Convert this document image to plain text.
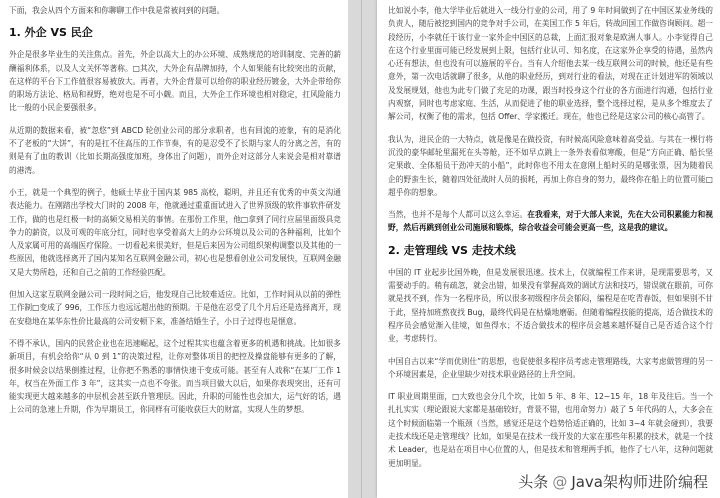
下面，我会从四个方面来和你聊聊工作中我是常被问到的问题。

1. 外企 VS 民企

外企是很多毕业生的关注焦点。首先，外企以高大上的办公环境、成熟规范的培训制度、完善的薪酬福利体系，以及人文关怀等著称。□其次，大外企有品牌加持，个人如果能有比较突出的贡献，在这样的平台下工作值很容易被放大。再者，大外企背景可以给你的职业经历镀金，大外企带给你的职场方法论、格局和视野，绝对也是不可小觑。而且，大外企工作环境也相对稳定，扛风险能力比一般的小民企要强很多。

从近期的数据来看，被“忽悠”到 ABCD 轮创业公司的部分求职者，也有回流的迹象，有的是消化不了老板的“大饼”，有的是扛不住高压的工作节奏，有的是忍受不了长期与家人的分离之苦，有的则是有了血的教训（比如长期高强度加班，身体出了问题），而外企对这部分人来说会是相对靠谱的港湾。

小王，就是一个典型的例子，他硕士毕业于国内某 985 高校，聪明，并且还有优秀的中英文沟通表达能力。在刚踏出学校大门时的 2008 年，他就通过重重面试进入了世界顶级的软件事软件研发工作，做的也是红极一时的高频交易相关的事情。在那份工作里，他□拿到了同行应届里面级具竞争力的薪资，以及可观的年底分红，同时也享受着高大上的办公环境以及公司的各种福利，比如个人及家属可用的高端医疗保险。一切看起来很美好，但是后来因为公司组织架构调整以及其他的一些原因，他就选择离开了国内某知名互联网金融公司，初心也是想看创业公司发展快，互联网金融又是大势所趋，还和自己之前的工作经验匹配。

但加入这家互联网金融公司一段时间之后，他发现自己比较难适应。比如，工作时间从以前的弹性工作制□变成了 996，工作压力也远远超出他的预期。于是他在忍受了几个月后还是选择离开，现在安稳地在某华东性价比最高的公司安顿下来，准备结婚生子，小日子过得也是惬意。

不得不承认，国内的民营企业也在迅速崛起，这个过程其实也蕴含着更多的机遇和挑战。比如很多新项目，有机会给你“从 0 到 1”的决策过程，让你对整体项目的把控及操盘能够有更多的了解，很多时候会以结果倒推过程，让你把不熟悉的事情快速干变成可能。甚至有人戏称“在某厂工作 1 年，权当在外面工作 3 年”，这其实一点也不夸张。而当项目做大以后，如果你表现突出，还有可能实现更大越来越多的中层机会甚至跃升管理层。因此，升职的可能性也会加大，运气好的话，遇上公司的急速上升期，作为早期员工，你同样有可能收获巨大的财富，实现人生的梦想。

比如说小李，他大学毕业后就进入一线分行业的公司，用了 9 年时间做到了在中国区某业务线的负责人，随后被挖到国内的竞争对手公司，在美国工作 5 年后，转战回国工作做咨询顾问。超一段经历，小李就任于该行业一家外企中国区的总裁，上面汇报对象是欧洲人事人。小李觉得自己在这个行业里面可能已经发展到上限，包括行业认可、知名度，在这家外企享受的待遇，虽然内心还有想法，但也没有可以施展的平台。当有人介绍他去某一线互联网公司的时候，他还是有些意外，第一次电话就聊了很多，从他的职业经历，到对行业的看法，对现在正计划进军的领域以及发展规划，他也为此专门做了充足的功课，跟当时投身这个行业的各方面进行沟通，包括行业内观察，同时也考虑家庭、生活，从而促进了他的职业选择，整个选择过程，是从多个维度去了解公司，权衡了他的需求，包括 Offer、学家搬迁。现在，他也已经是这家公司的核心高管了。

我认为，进民企的一大特点，就是像是在做投资，有时候高风险意味着高受益。与其在一棵行将沉没的豪华邮轮里漏死在头等舱，还不如早点跳上一条外表看似寒酸，但是“方向正确、船长坚定果敢、全体船员干劲冲天的小船”，此时你也不用太在意刚上船时买的是哪张票，因为随着民企的野蛮生长，随着四处征战时人员的损耗，再加上你自身的努力，最终你在船上的位置可能□超乎你的想象。

当然，也并不是每个人都可以这么幸运。在我看来，对于大部人来说，先在大公司积累能力和视野，然后再跳到创业公司施展和锻炼，综合收益会可能会更高一些，这是我的建议。

2. 走管理线 VS 走技术线

中国的 IT 业起步比国外晚，但是发展很迅速。技术上，仅就编程工作来讲，是现需要思考，又需要动手的。稍有疏忽，就会出错，如果没有掌握高效的调试方法和技巧，错误就在眼前，可你就是找不到，作为一名程序员，所以很多初级程序员会郁闷，编程是在吃青春饭，但如果别不甘于此，坚持加班熬夜找 Bug，最终代码是在枯燥地磨砺。但随着编程技能的提高，适合做技术的程序员会感觉渐入佳境，如鱼得水；不适合做技术的程序员会越来越怀疑自己是否适合这个行业，考虑转行。

中国自古以来“学而优则仕”的思想，也促使很多程序员考虑走管理路线，大家考虑做管理的另一个环境因素是，企业里缺少对技术职业路径的上升空间。

IT 职业周期里面，□大致也会分几个坎，比如 5 年、8 年、12~15 年，18 年及往后。当一个扎扎实实（理论跟说大家都是基础较好，背景不错，也用命努力）敲了 5 年代码的人，大多会在这个时候面临第一个瓶颈（当然，感觉还是这个趋势恰适正确的，比如 3~4 年就会碰到），我要走技术线还是走管理线？比如，如果是在技术一线开发的大家在那些年积累的技术，就是一个技术 Leader，也是站在项目中心位置的人，但是技术和管理两手抓，他作了七八年，这种问题就更加明显。

头条 @ Java架构师进阶编程
